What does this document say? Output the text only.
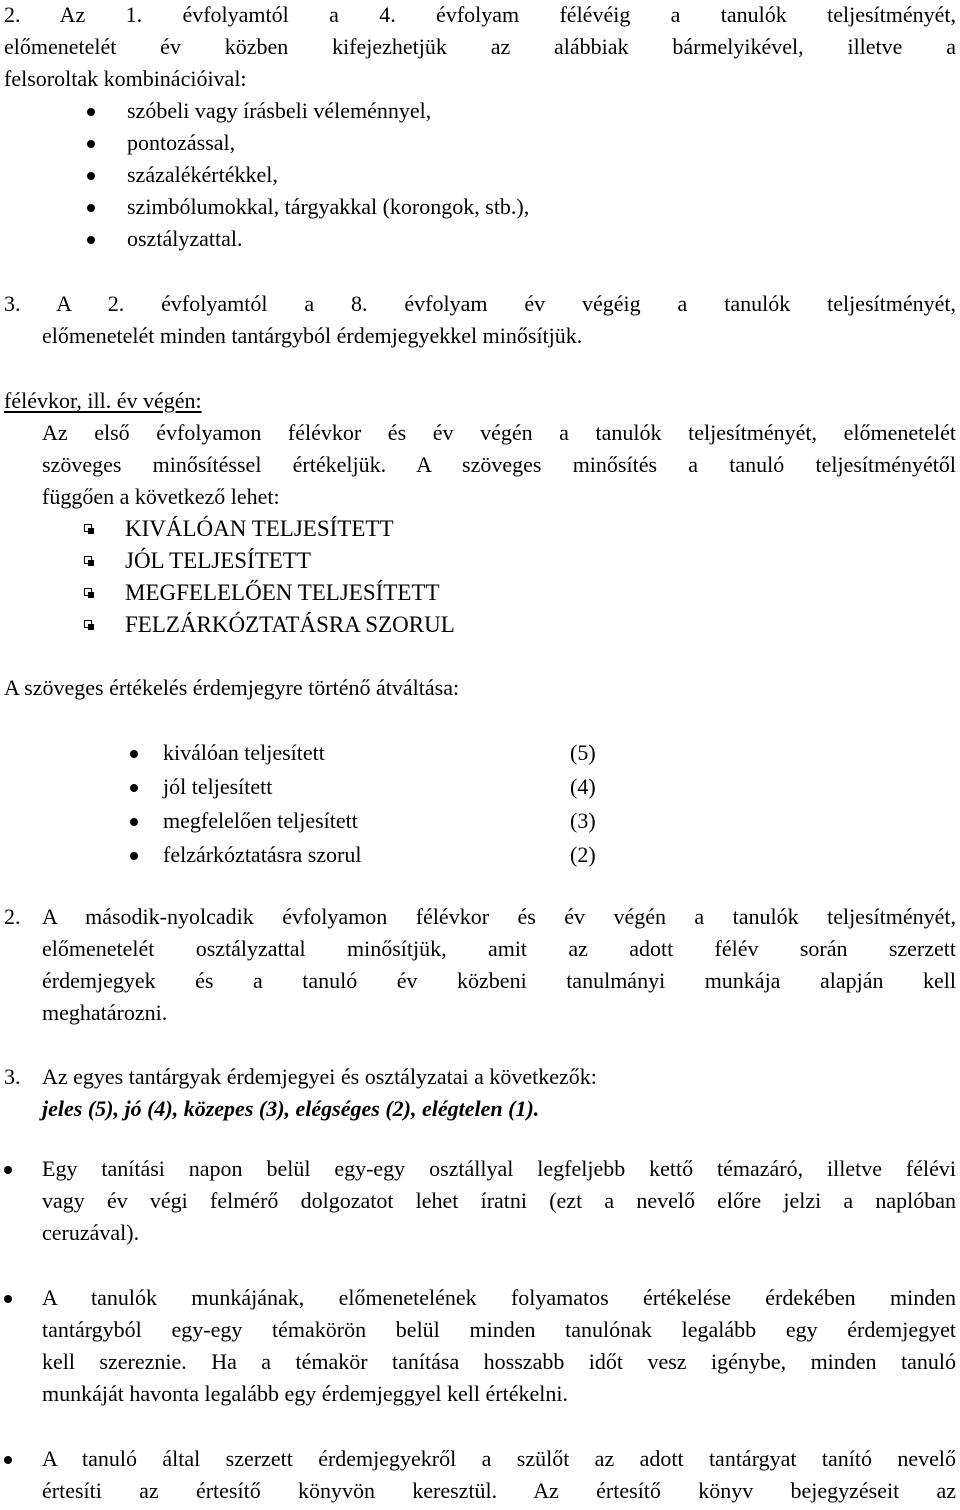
2. Az 1. évfolyamtól a 4. évfolyam félévéig a tanulók teljesítményét,
előmenetelét év közben kifejezhetjük az alábbiak bármelyikével, illetve a
felsoroltak kombinációival:
szóbeli vagy írásbeli véleménnyel,
pontozással,
százalékértékkel,
szimbólumokkal, tárgyakkal (korongok, stb.),
osztályzattal.
3. A 2. évfolyamtól a 8. évfolyam év végéig a tanulók teljesítményét,
előmenetelét minden tantárgyból érdemjegyekkel minősítjük.
félévkor, ill. év végén:
Az első évfolyamon félévkor és év végén a tanulók teljesítményét, előmenetelét
szöveges minősítéssel értékeljük. A szöveges minősítés a tanuló teljesítményétől
függően a következő lehet:
KIVÁLÓAN TELJESÍTETT
JÓL TELJESÍTETT
MEGFELELŐEN TELJESÍTETT
FELZÁRKÓZTATÁSRA SZORUL
A szöveges értékelés érdemjegyre történő átváltása:
kiválóan teljesített	(5)
jól teljesített	(4)
megfelelően teljesített	(3)
felzárkóztatásra szorul	(2)
2. A második-nyolcadik évfolyamon félévkor és év végén a tanulók teljesítményét,
előmenetelét osztályzattal minősítjük, amit az adott félév során szerzett
érdemjegyek és a tanuló év közbeni tanulmányi munkája alapján kell
meghatározni.
3. Az egyes tantárgyak érdemjegyei és osztályzatai a következők:
jeles (5), jó (4), közepes (3), elégséges (2), elégtelen (1).
Egy tanítási napon belül egy-egy osztállyal legfeljebb kettő témazáró, illetve félévi
vagy év végi felmérő dolgozatot lehet íratni (ezt a nevelő előre jelzi a naplóban
ceruzával).
A tanulók munkájának, előmenetelének folyamatos értékelése érdekében minden
tantárgyból egy-egy témakörön belül minden tanulónak legalább egy érdemjegyet
kell szereznie. Ha a témakör tanítása hosszabb időt vesz igénybe, minden tanuló
munkáját havonta legalább egy érdemjeggyel kell értékelni.
A tanuló által szerzett érdemjegyekről a szülőt az adott tantárgyat tanító nevelő
értesíti az értesítő könyvön keresztül. Az értesítő könyv bejegyzéseit az
